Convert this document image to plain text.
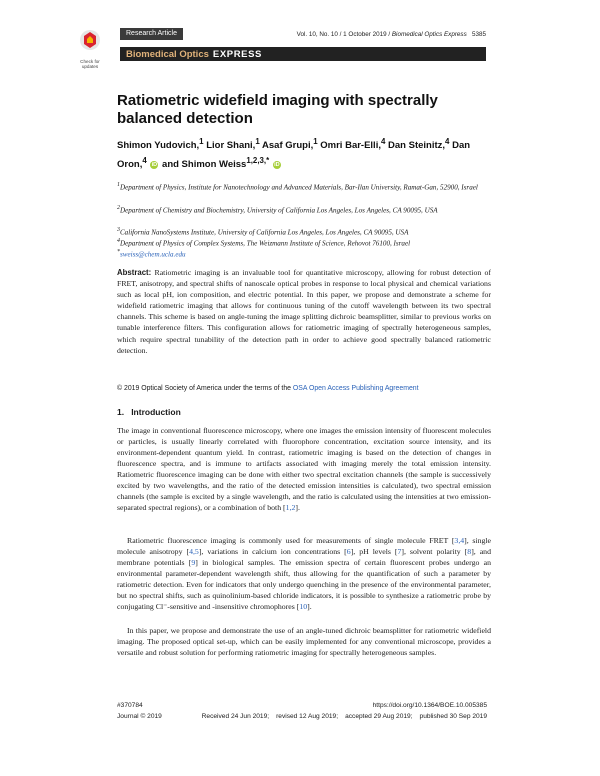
Check for updates
Research Article	Vol. 10, No. 10 / 1 October 2019 / Biomedical Optics Express 5385
Biomedical Optics EXPRESS
Ratiometric widefield imaging with spectrally balanced detection
Shimon Yudovich,$^1$ Lior Shani,$^1$ Asaf Grupi,$^1$ Omri Bar-Elli,$^4$ Dan Steinitz,$^4$ Dan Oron,$^4$ iD and Shimon Weiss$^{1,2,3,*}$ iD
$^1$Department of Physics, Institute for Nanotechnology and Advanced Materials, Bar-Ilan University, Ramat-Gan, 52900, Israel
$^2$Department of Chemistry and Biochemistry, University of California Los Angeles, Los Angeles, CA 90095, USA
$^3$California NanoSystems Institute, University of California Los Angeles, Los Angeles, CA 90095, USA
$^4$Department of Physics of Complex Systems, The Weizmann Institute of Science, Rehovot 76100, Israel
*sweiss@chem.ucla.edu
Abstract: Ratiometric imaging is an invaluable tool for quantitative microscopy, allowing for robust detection of FRET, anisotropy, and spectral shifts of nanoscale optical probes in response to local physical and chemical variations such as local pH, ion composition, and electric potential. In this paper, we propose and demonstrate a scheme for widefield ratiometric imaging that allows for continuous tuning of the cutoff wavelength between its two spectral channels. This scheme is based on angle-tuning the image splitting dichroic beamsplitter, similar to previous works on tunable interference filters. This configuration allows for ratiometric imaging of spectrally heterogeneous samples, which require spectral tunability of the detection path in order to achieve good spectrally balanced ratiometric detection.
© 2019 Optical Society of America under the terms of the OSA Open Access Publishing Agreement
1. Introduction
The image in conventional fluorescence microscopy, where one images the emission intensity of fluorescent molecules or particles, is usually linearly correlated with fluorophore concentration, excitation source intensity, and its environment-dependent quantum yield. In contrast, ratiometric imaging is based on the detection of changes in fluorescence spectra, and is immune to artifacts associated with imaging merely the total emission intensity. Ratiometric fluorescence imaging can be done with either two spectral excitation channels (the sample is successively excited by two wavelengths, and the ratio of the detected emission intensities is calculated), two spectral emission channels (the sample is excited by a single wavelength, and the ratio is calculated using the intensities at two emission-separated spectral regions), or a combination of both [1,2].
Ratiometric fluorescence imaging is commonly used for measurements of single molecule FRET [3,4], single molecule anisotropy [4,5], variations in calcium ion concentrations [6], pH levels [7], solvent polarity [8], and membrane potentials [9] in biological samples. The emission spectra of certain fluorescent probes undergo an environmental parameter-dependent wavelength shift, thus allowing for the quantification of such a parameter by ratiometric detection. Even for indicators that only undergo quenching in the presence of the environmental parameter, but no spectral shifts, such as quinolinium-based chloride indicators, it is possible to synthesize a ratiometric probe by conjugating Cl⁻-sensitive and -insensitive chromophores [10].
In this paper, we propose and demonstrate the use of an angle-tuned dichroic beamsplitter for ratiometric widefield imaging. The proposed optical set-up, which can be easily implemented for any conventional microscope, provides a versatile and robust solution for performing ratiometric imaging for spectrally heterogeneous samples.
#370784	https://doi.org/10.1364/BOE.10.005385
Journal © 2019	Received 24 Jun 2019; revised 12 Aug 2019; accepted 29 Aug 2019; published 30 Sep 2019
